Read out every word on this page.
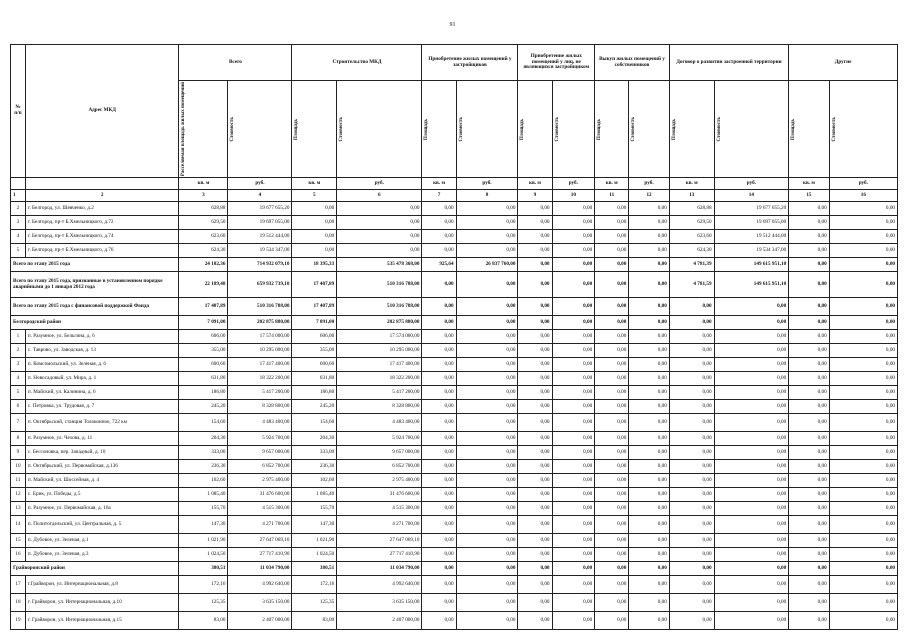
91
№ п/п	Адрес МКД	Всего		Строительство МКД		Приобретение жилых помещений у застройщиков		Приобретение жилых помещений у лиц, не являющихся застройщиком		Выкуп жилых помещений у собственников		Договор о развитии застроенной территории		Другие	

		Расселяемая площадь жилых помещений	Стоимость	Площадь	Стоимость	Площадь	Стоимость	Площадь	Стоимость	Площадь	Стоимость	Площадь	Стоимость	Площадь	Стоимость

		кв. м	руб.	кв. м	руб.	кв. м	руб.	кв. м	руб.	кв. м	руб.	кв. м	руб.	кв. м	руб.
1	2	3	4	5	6	7	8	9	10	11	12	13	14	15	16
2	г. Белгород, ул. Шевченко, д.2	628,88	19 677 655,20	0,00	0,00	0,00	0,00	0,00	0,00	0,00	0,00	628,88	19 677 655,20	0,00	0,00
3	г. Белгород, пр-т Б.Хмельницкого, д.72	629,50	19 697 055,00	0,00	0,00	0,00	0,00	0,00	0,00	0,00	0,00	629,50	19 697 055,00	0,00	0,00
4	г. Белгород, пр-т Б.Хмельницкого, д.74	623,60	19 512 444,00	0,00	0,00	0,00	0,00	0,00	0,00	0,00	0,00	623,60	19 512 444,00	0,00	0,00
5	г. Белгород, пр-т Б.Хмельницкого, д.76	624,30	19 534 347,00	0,00	0,00	0,00	0,00	0,00	0,00	0,00	0,00	624,30	19 534 347,00	0,00	0,00
Всего по этапу 2015 года		24 102,36	714 932 079,10	18 395,33	535 478 368,00	925,64	26 837 760,00	0,00	0,00	0,00	0,00	4 781,39	149 615 951,10	0,00	0,00
Всего по этапу 2015 года, признанные в установленном порядке аварийными до 1 января 2012 года		22 189,48	659 932 739,10	17 407,89	510 316 788,00	0,00	0,00	0,00	0,00	0,00	0,00	4 781,59	149 615 951,10	0,00	0,00
Всего по этапу 2015 года с финансовой поддержкой Фонда		17 407,89	510 316 788,00	17 407,89	510 316 788,00	0,00	0,00	0,00	0,00	0,00	0,00	0,00	0,00	0,00	0,00
Белгородский район		7 091,00	202 875 880,00	7 091,00	202 875 880,00	0,00	0,00	0,00	0,00	0,00	0,00	0,00	0,00	0,00	0,00
1	п. Разумное, ул. Бельгина, д. 6	606,00	17 574 000,00	606,00	17 574 000,00	0,00	0,00	0,00	0,00	0,00	0,00	0,00	0,00	0,00	0,00
2	с. Таврово, ул. Заводская, д. 13	355,00	10 295 000,00	355,00	10 295 000,00	0,00	0,00	0,00	0,00	0,00	0,00	0,00	0,00	0,00	0,00
3	п. Комсомольский, ул. Зеленая, д. 6	600,60	17 417 400,00	600,60	17 417 400,00	0,00	0,00	0,00	0,00	0,00	0,00	0,00	0,00	0,00	0,00
4	п. Новосадовый, ул. Мира, д. 1	631,80	18 322 200,00	631,80	18 322 200,00	0,00	0,00	0,00	0,00	0,00	0,00	0,00	0,00	0,00	0,00
5	п. Майский, ул. Калинина, д. 6	186,80	5 417 200,00	186,80	5 417 200,00	0,00	0,00	0,00	0,00	0,00	0,00	0,00	0,00	0,00	0,00
6	с. Петровка, ул. Трудовая, д. 7	245,20	8 328 800,00	245,20	8 328 800,00	0,00	0,00	0,00	0,00	0,00	0,00	0,00	0,00	0,00	0,00
7	п. Октябрьский, станция Толоконное, 722 км	154,60	4 483 400,00	154,60	4 483 400,00	0,00	0,00	0,00	0,00	0,00	0,00	0,00	0,00	0,00	0,00
8	п. Разумное, ул. Чехова, д. 11	204,30	5 924 700,00	204,30	5 924 700,00	0,00	0,00	0,00	0,00	0,00	0,00	0,00	0,00	0,00	0,00
9	с. Бессоновка, пер. Западный, д. 10	333,00	9 657 000,00	333,00	9 657 000,00	0,00	0,00	0,00	0,00	0,00	0,00	0,00	0,00	0,00	0,00
10	п. Октябрьский, ул. Первомайская, д.136	236,30	6 852 700,00	236,30	6 852 700,00	0,00	0,00	0,00	0,00	0,00	0,00	0,00	0,00	0,00	0,00
11	п. Майский, ул. Шоссейная, д. 4	102,60	2 975 400,00	102,60	2 975 400,00	0,00	0,00	0,00	0,00	0,00	0,00	0,00	0,00	0,00	0,00
12	с. Ерик, ул. Победы, д.5	1 085,40	31 476 600,00	1 085,40	31 476 600,00	0,00	0,00	0,00	0,00	0,00	0,00	0,00	0,00	0,00	0,00
13	п. Разумное, ул. Первомайская, д. 16а	155,70	4 515 300,00	155,70	4 515 300,00	0,00	0,00	0,00	0,00	0,00	0,00	0,00	0,00	0,00	0,00
14	п. Политотдельский, ул. Центральная, д. 5	147,30	4 271 700,00	147,30	4 271 700,00	0,00	0,00	0,00	0,00	0,00	0,00	0,00	0,00	0,00	0,00
15	п. Дубовое, ул. Зеленая, д.1	1 021,90	27 647 069,10	1 021,90	27 647 069,10	0,00	0,00	0,00	0,00	0,00	0,00	0,00	0,00	0,00	0,00
16	п. Дубовое, ул. Зеленая, д.3	1 024,50	27 717 410,90	1 024,50	27 717 410,90	0,00	0,00	0,00	0,00	0,00	0,00	0,00	0,00	0,00	0,00
Грайворонский район		380,51	11 034 790,00	380,51	11 034 790,00	0,00	0,00	0,00	0,00	0,00	0,00	0,00	0,00	0,00	0,00
17	г.Грайворон, ул. Интернациональная, д.8	172,16	4 992 640,00	172,16	4 992 640,00	0,00	0,00	0,00	0,00	0,00	0,00	0,00	0,00	0,00	0,00
18	г. Грайворон, ул. Интернациональная, д.10	125,35	3 635 150,00	125,35	3 635 150,00	0,00	0,00	0,00	0,00	0,00	0,00	0,00	0,00	0,00	0,00
19	г. Грайворон, ул. Интернациональная, д.15	83,00	2 407 000,00	83,00	2 407 000,00	0,00	0,00	0,00	0,00	0,00	0,00	0,00	0,00	0,00	0,00
